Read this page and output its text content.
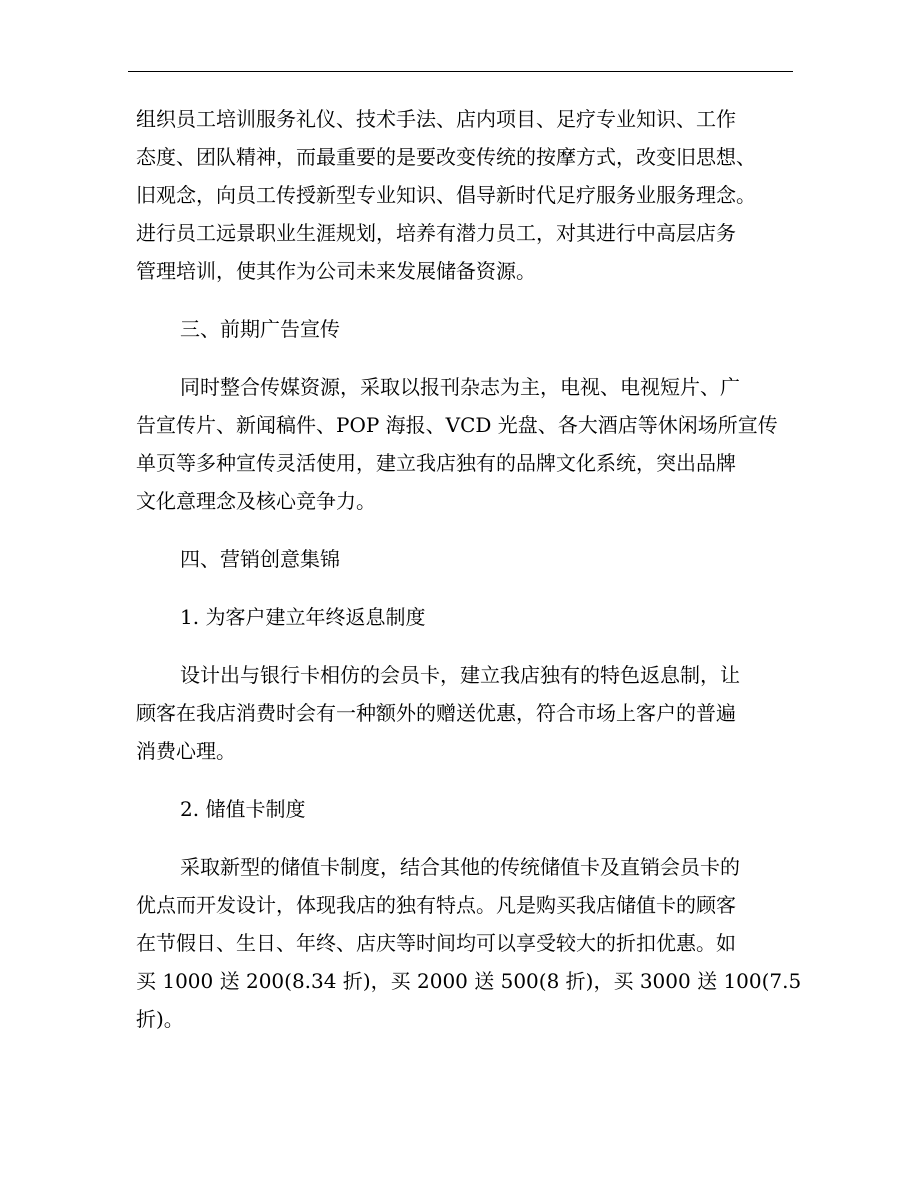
组织员工培训服务礼仪、技术手法、店内项目、足疗专业知识、工作
态度、团队精神，而最重要的是要改变传统的按摩方式，改变旧思想、
旧观念，向员工传授新型专业知识、倡导新时代足疗服务业服务理念。
进行员工远景职业生涯规划，培养有潜力员工，对其进行中高层店务
管理培训，使其作为公司未来发展储备资源。
三、前期广告宣传
同时整合传媒资源，采取以报刊杂志为主，电视、电视短片、广
告宣传片、新闻稿件、POP 海报、VCD 光盘、各大酒店等休闲场所宣传
单页等多种宣传灵活使用，建立我店独有的品牌文化系统，突出品牌
文化意理念及核心竞争力。
四、营销创意集锦
1. 为客户建立年终返息制度
设计出与银行卡相仿的会员卡，建立我店独有的特色返息制，让
顾客在我店消费时会有一种额外的赠送优惠，符合市场上客户的普遍
消费心理。
2. 储值卡制度
采取新型的储值卡制度，结合其他的传统储值卡及直销会员卡的
优点而开发设计，体现我店的独有特点。凡是购买我店储值卡的顾客
在节假日、生日、年终、店庆等时间均可以享受较大的折扣优惠。如
买 1000 送 200(8.34 折)，买 2000 送 500(8 折)，买 3000 送 100(7.5
折)。
